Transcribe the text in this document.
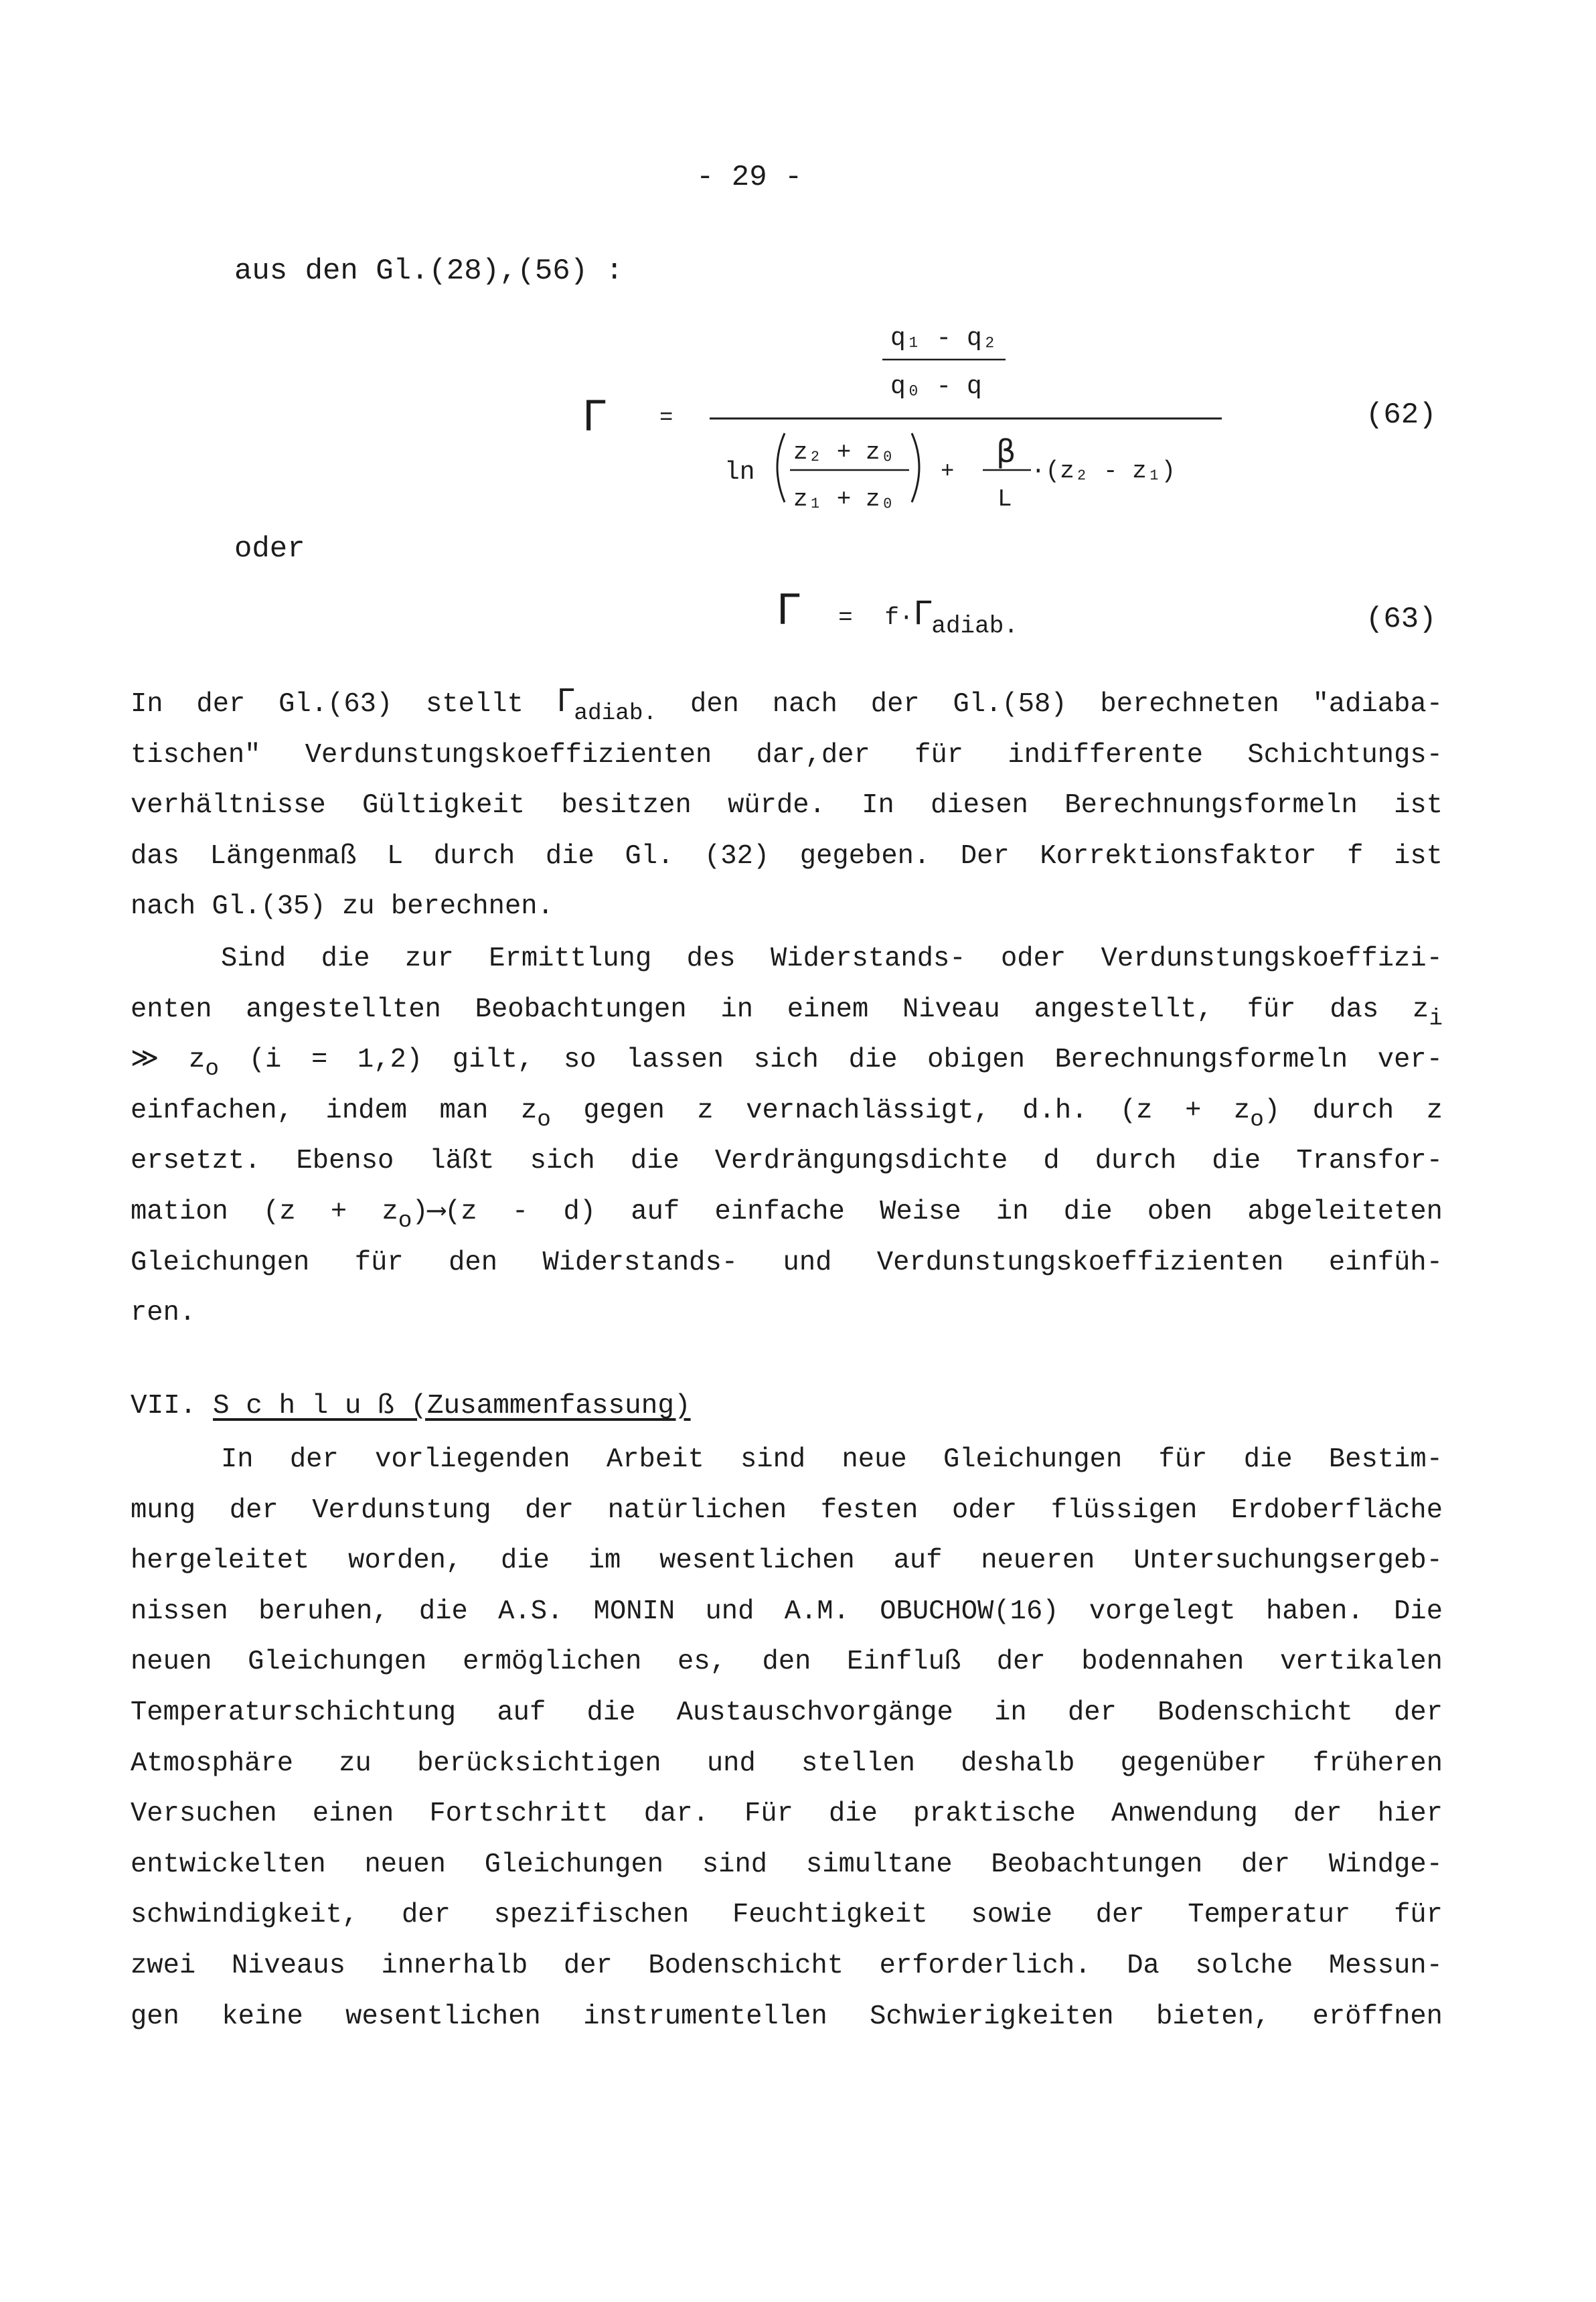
- 29 -
aus den Gl.(28),(56) :
Γ =
q₁ - q₂
q₀ - q
ln
z₂ + z₀
z₁ + z₀
+
β
L
·(z₂ - z₁)
(62)
oder
$\Gamma = f\cdot\Gamma_{adiab.}$	(63)
In der Gl.(63) stellt $\Gamma_{adiab.}$ den nach der Gl.(58) berechneten "adiaba-
tischen" Verdunstungskoeffizienten dar,der für indifferente Schichtungs-
verhältnisse Gültigkeit besitzen würde. In diesen Berechnungsformeln ist
das Längenmaß L durch die Gl. (32) gegeben. Der Korrektionsfaktor f ist
nach Gl.(35) zu berechnen.
Sind die zur Ermittlung des Widerstands- oder Verdunstungskoeffizi-
enten angestellten Beobachtungen in einem Niveau angestellt, für das $z_i$
≫ $z_o$ (i = 1,2) gilt, so lassen sich die obigen Berechnungsformeln ver-
einfachen, indem man $z_o$ gegen z vernachlässigt, d.h. $(z + z_o)$ durch z
ersetzt. Ebenso läßt sich die Verdrängungsdichte d durch die Transfor-
mation $(z + z_o)⟶(z - d)$ auf einfache Weise in die oben abgeleiteten
Gleichungen für den Widerstands- und Verdunstungskoeffizienten einfüh-
ren.
VII. S c h l u ß (Zusammenfassung)
In der vorliegenden Arbeit sind neue Gleichungen für die Bestim-
mung der Verdunstung der natürlichen festen oder flüssigen Erdoberfläche
hergeleitet worden, die im wesentlichen auf neueren Untersuchungsergeb-
nissen beruhen, die A.S. MONIN und A.M. OBUCHOW(16) vorgelegt haben. Die
neuen Gleichungen ermöglichen es, den Einfluß der bodennahen vertikalen
Temperaturschichtung auf die Austauschvorgänge in der Bodenschicht der
Atmosphäre zu berücksichtigen und stellen deshalb gegenüber früheren
Versuchen einen Fortschritt dar. Für die praktische Anwendung der hier
entwickelten neuen Gleichungen sind simultane Beobachtungen der Windge-
schwindigkeit, der spezifischen Feuchtigkeit sowie der Temperatur für
zwei Niveaus innerhalb der Bodenschicht erforderlich. Da solche Messun-
gen keine wesentlichen instrumentellen Schwierigkeiten bieten, eröffnen
